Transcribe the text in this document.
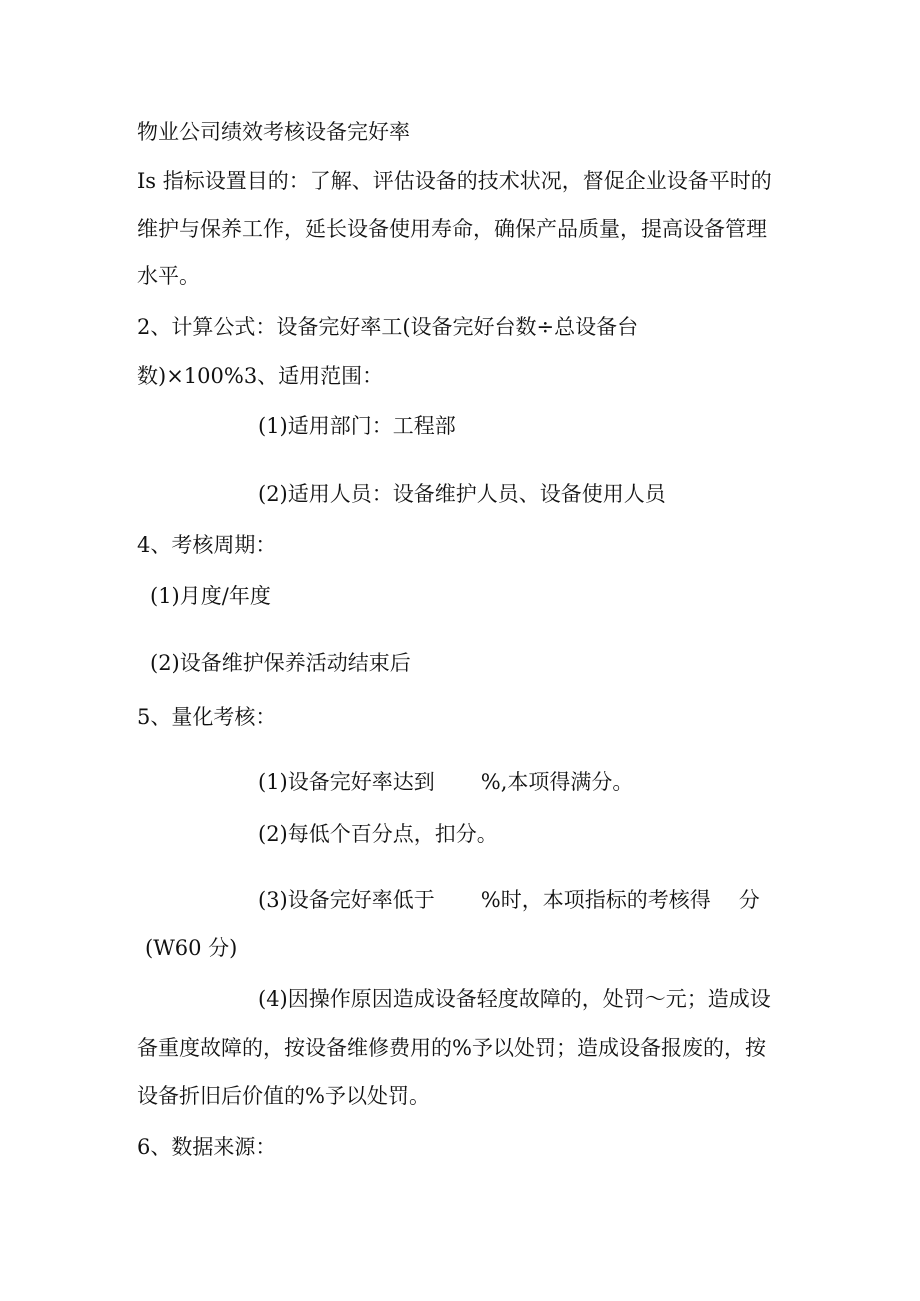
物业公司绩效考核设备完好率
Is 指标设置目的：了解、评估设备的技术状况，督促企业设备平时的
维护与保养工作，延长设备使用寿命，确保产品质量，提高设备管理
水平。
2、计算公式：设备完好率工(设备完好台数÷总设备台
数)×100%3、适用范围：
(1)适用部门：工程部
(2)适用人员：设备维护人员、设备使用人员
4、考核周期：
(1)月度/年度
(2)设备维护保养活动结束后
5、量化考核：
(1)设备完好率达到 %,本项得满分。
(2)每低个百分点，扣分。
(3)设备完好率低于 %时，本项指标的考核得 分
(W60 分)
(4)因操作原因造成设备轻度故障的，处罚～元；造成设
备重度故障的，按设备维修费用的%予以处罚；造成设备报废的，按
设备折旧后价值的%予以处罚。
6、数据来源：
